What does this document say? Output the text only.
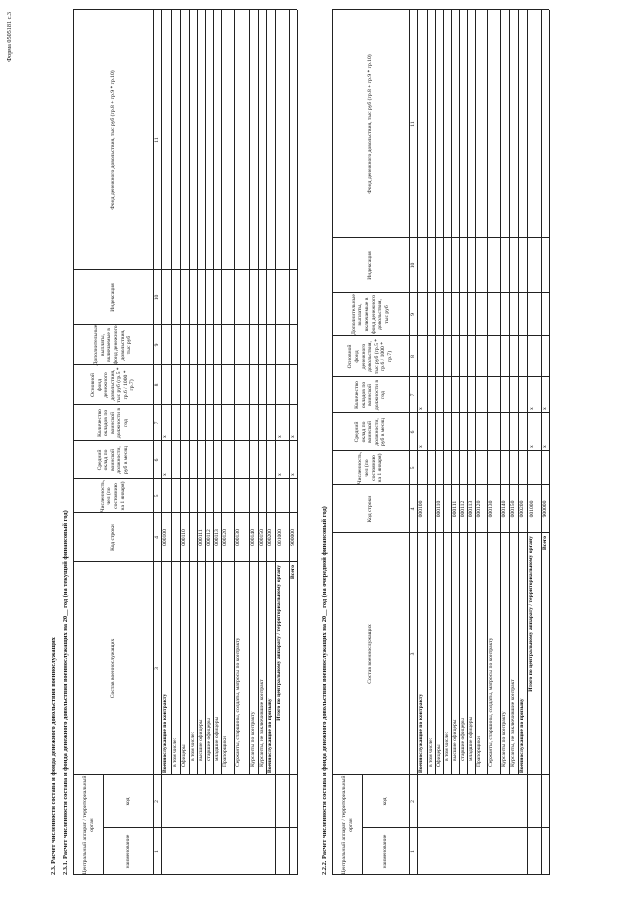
Форма 0505181 с.3
2.3. Расчет численности состава и фонда денежного довольствия военнослужащих 2.3.1. Расчет численности состава и фонда денежного довольствия военнослужащих на 20__ год (на текущий финансовый год)	2.2.2. Расчет численности состава и фонда денежного довольствия военнослужащих на 20__ год (на очередной финансовый год)
Центральный аппарат / территориальный орган
наименование
код
Состав военнослужащих
Код строки
Численность, чел (по состоянию на 1 января)
Средний оклад по воинской должности, руб в месяц
Количество окладов по воинской должности в год
Основной фонд денежного довольствия, тыс руб (гр.5 * гр.6 / 1000 * гр.7)
Дополнительные выплаты, включаемые в фонд денежного довольствия, тыс руб
Индексация
Фонд денежного довольствия, тыс руб (гр.8 + гр.9 * гр.10)
1
2
3
4
5
6
7
8
9
10
11
Военнослужащие по контракту
000100
x
x
в том числе: Офицеры
000110
в том числе: высшие офицеры
000111
старшие офицеры
000112
младшие офицеры
000113
Прапорщики
000120
Сержанты, старшины, солдаты, матросы по контракту
000130
Курсанты по контракту
000140
Курсанты, не заключившие контракт
000150
Военнослужащие по призыву
000200
Итого по центральному аппарату / территориальному органу
001000
x
x
Всего
900000
x
x
Центральный аппарат / территориальный орган
наименование
код
Состав военнослужащих
Код строки
Численность, чел (по состоянию на 1 января)
Средний оклад по воинской должности, руб в месяц
Количество окладов по воинской должности в год
Основной фонд денежного довольствия, тыс руб (гр.5 * гр.6 / 1000 * гр.7)
Дополнительные выплаты, включаемые в фонд денежного довольствия, тыс руб
Индексация
Фонд денежного довольствия, тыс руб (гр.8 + гр.9 * гр.10)
1
2
3
4
5
6
7
8
9
10
11
Военнослужащие по контракту
000100
x
x
в том числе: Офицеры
000110
в том числе: высшие офицеры
000111
старшие офицеры
000112
младшие офицеры
000113
Прапорщики
000120
Сержанты, старшины, солдаты, матросы по контракту
000130
Курсанты по контракту
000140
Курсанты, не заключившие контракт
000150
Военнослужащие по призыву
000200
Итого по центральному аппарату / территориальному органу
001000
x
x
Всего
900000
x
x
